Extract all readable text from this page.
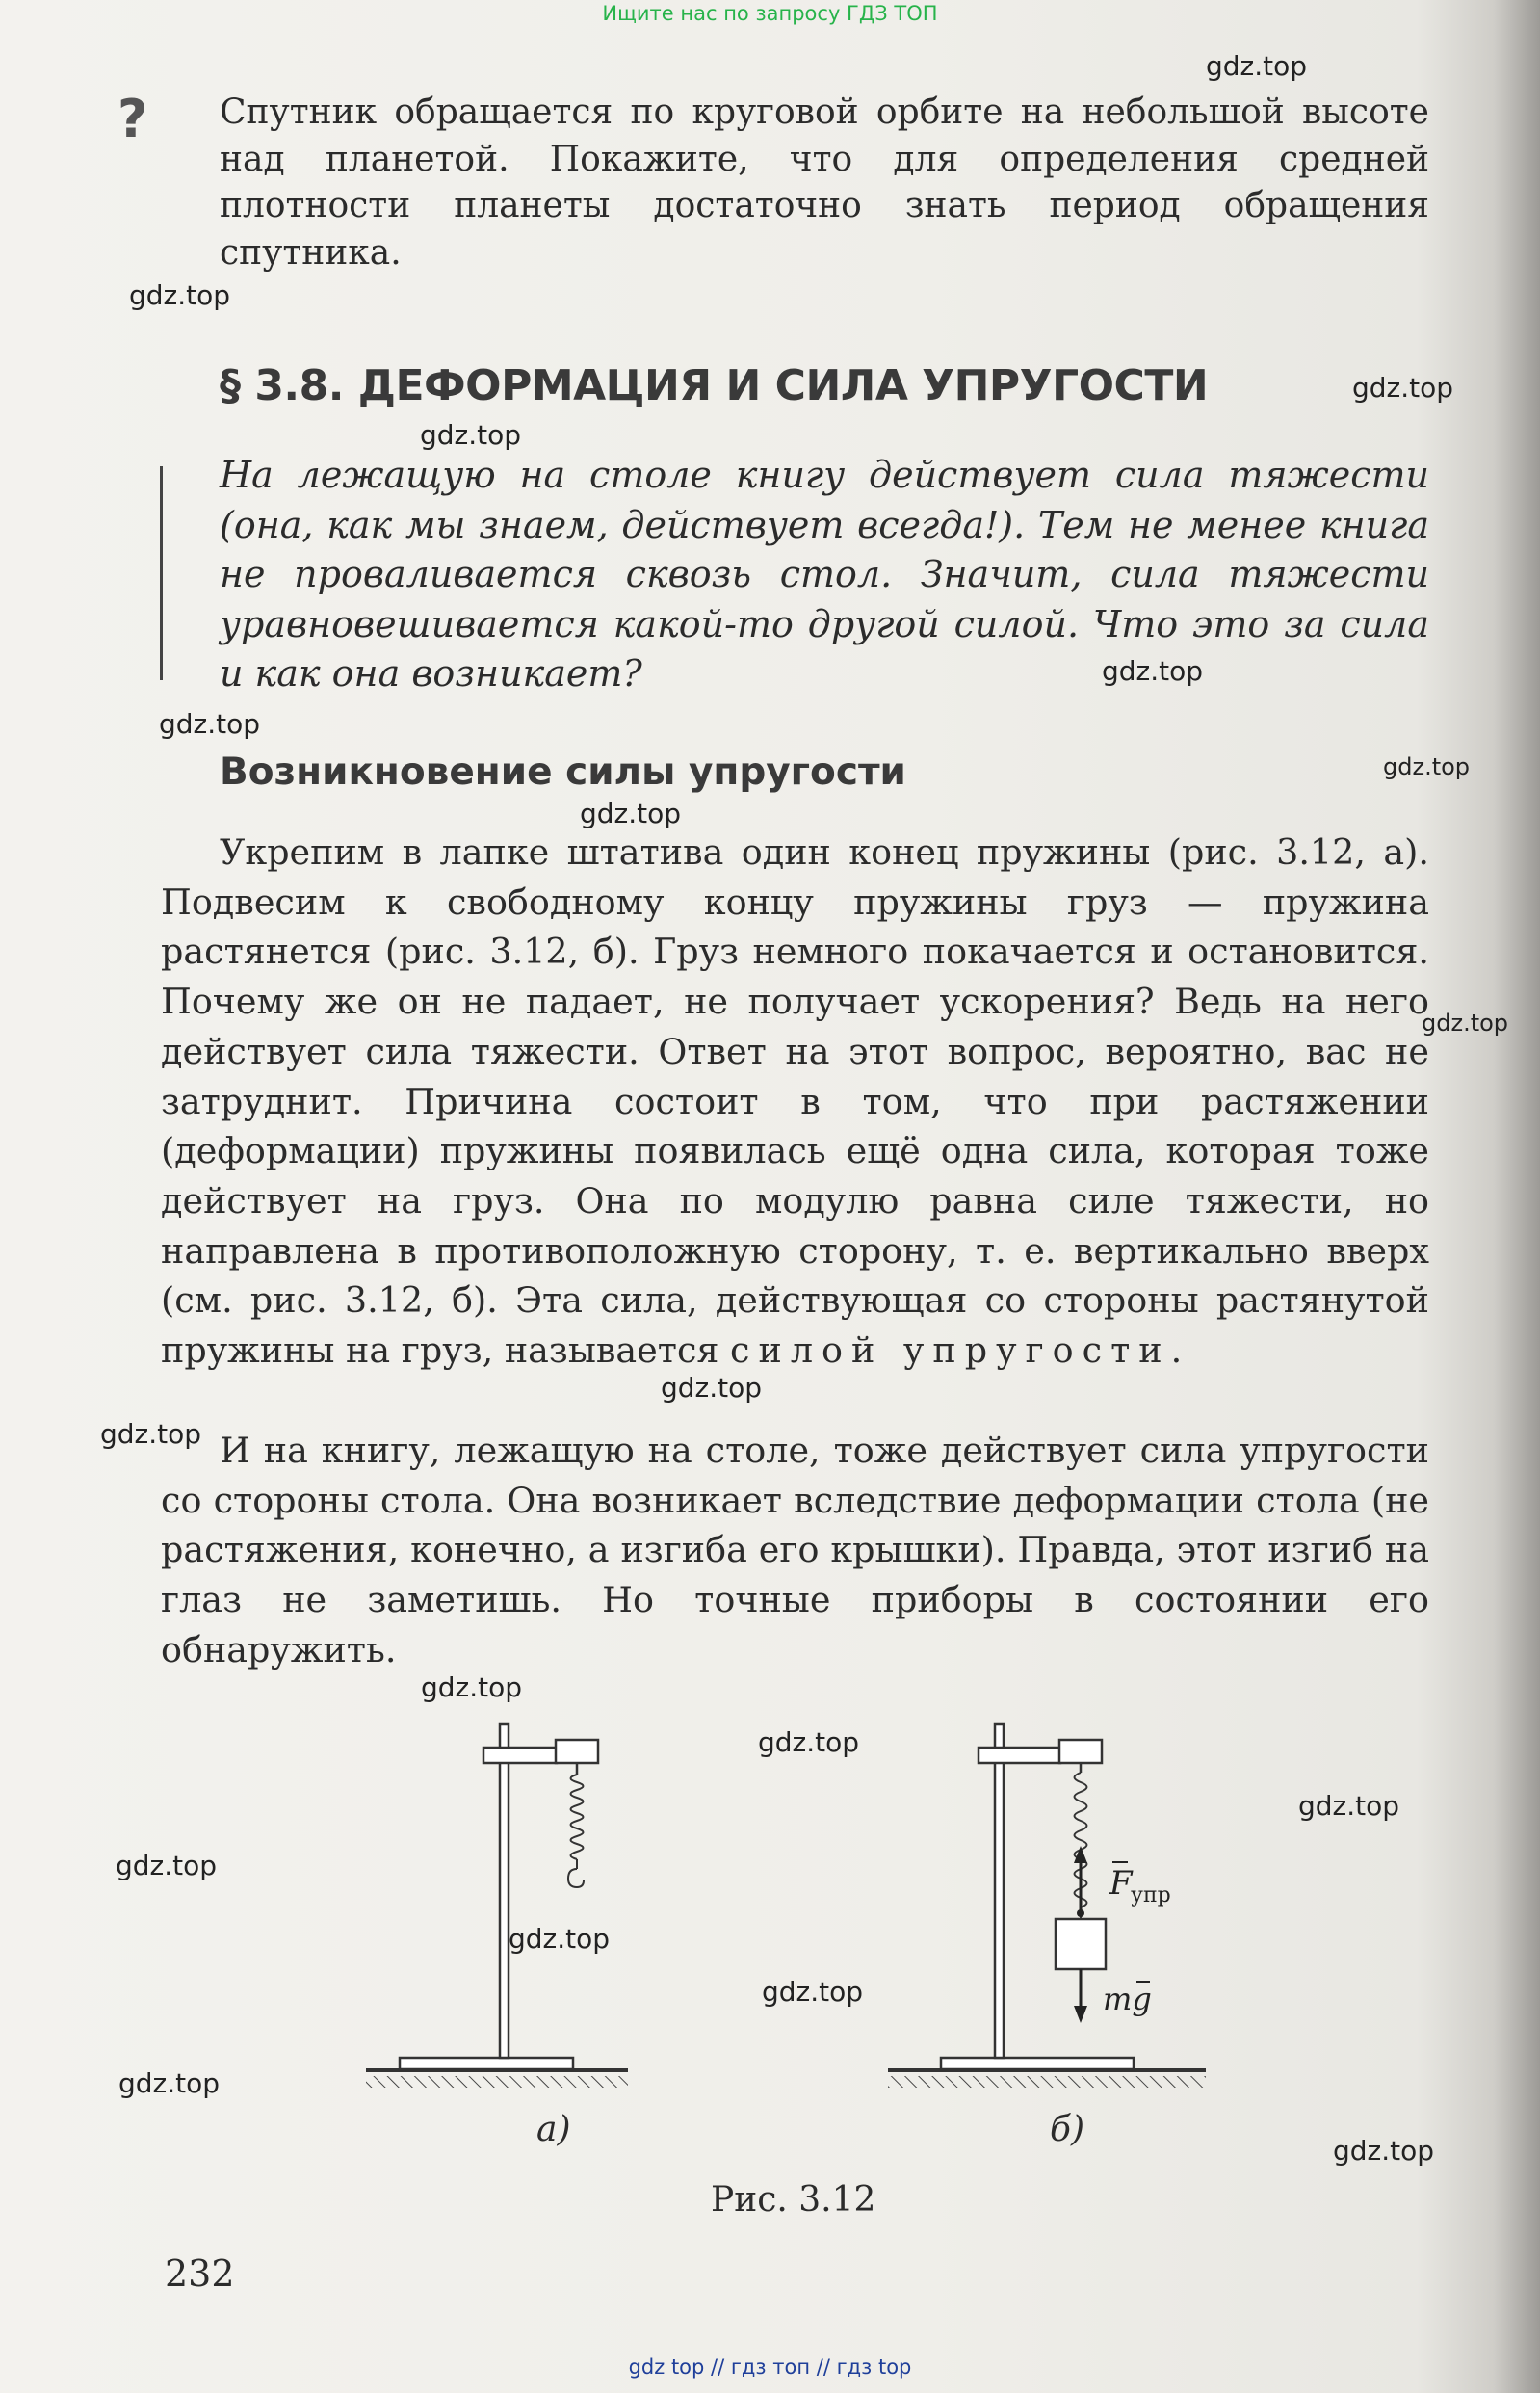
Ищите нас по запросу ГДЗ ТОП
gdz.top
gdz.top
gdz.top
gdz.top
gdz.top
gdz.top
gdz.top
gdz.top
gdz.top
gdz.top
gdz.top
gdz.top
gdz.top
gdz.top
gdz.top
gdz.top
gdz.top
gdz.top
gdz.top
? Спутник обращается по круговой орбите на небольшой высоте над планетой. Покажите, что для определения средней плотности планеты достаточно знать период обращения спутника.
§ 3.8. ДЕФОРМАЦИЯ И СИЛА УПРУГОСТИ
На лежащую на столе книгу действует сила тяжести (она, как мы знаем, действует всегда!). Тем не менее книга не проваливается сквозь стол. Значит, сила тяжести уравновешивается какой-то другой силой. Что это за сила и как она возникает?
Возникновение силы упругости
Укрепим в лапке штатива один конец пружины (рис. 3.12, а). Подвесим к свободному концу пружины груз — пружина растянется (рис. 3.12, б). Груз немного покачается и остановится. Почему же он не падает, не получает ускорения? Ведь на него действует сила тяжести. Ответ на этот вопрос, вероятно, вас не затруднит. Причина состоит в том, что при растяжении (деформации) пружины появилась ещё одна сила, которая тоже действует на груз. Она по модулю равна силе тяжести, но направлена в противоположную сторону, т. е. вертикально вверх (см. рис. 3.12, б). Эта сила, действующая со стороны растянутой пружины на груз, называется силой упругости.
И на книгу, лежащую на столе, тоже действует сила упругости со стороны стола. Она возникает вследствие деформации стола (не растяжения, конечно, а изгиба его крышки). Правда, этот изгиб на глаз не заметишь. Но точные приборы в состоянии его обнаружить.
F
упр
mg
а)	б)
Рис. 3.12
232
gdz top // гдз топ // гдз top
